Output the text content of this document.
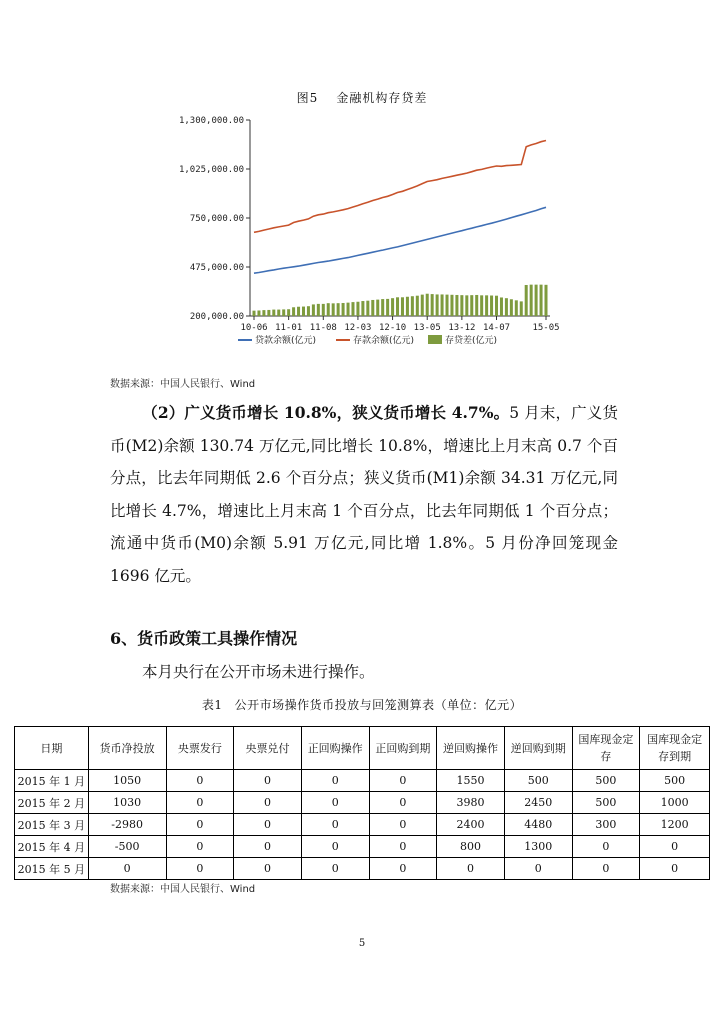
图5 金融机构存贷差
1,300,000.00
1,025,000.00
750,000.00
475,000.00
200,000.00
10-06 11-01 11-08 12-03 12-10 13-05 13-12 14-07 15-05
贷款余额(亿元)	存款余额(亿元)	存贷差(亿元)
数据来源：中国人民银行、Wind
（2）广义货币增长 10.8%，狭义货币增长 4.7%。5 月末，广义货币(M2)余额 130.74 万亿元,同比增长 10.8%，增速比上月末高 0.7 个百分点，比去年同期低 2.6 个百分点；狭义货币(M1)余额 34.31 万亿元,同比增长 4.7%，增速比上月末高 1 个百分点，比去年同期低 1 个百分点；流通中货币(M0)余额 5.91 万亿元,同比增 1.8%。5 月份净回笼现金 1696 亿元。
6、货币政策工具操作情况
本月央行在公开市场未进行操作。
表1 公开市场操作货币投放与回笼测算表（单位：亿元）
日期	货币净投放	央票发行	央票兑付	正回购操作	正回购到期	逆回购操作	逆回购到期	国库现金定存	国库现金定存到期
2015 年 1 月	1050	0	0	0	0	1550	500	500	500
2015 年 2 月	1030	0	0	0	0	3980	2450	500	1000
2015 年 3 月	-2980	0	0	0	0	2400	4480	300	1200
2015 年 4 月	-500	0	0	0	0	800	1300	0	0
2015 年 5 月	0	0	0	0	0	0	0	0	0
数据来源：中国人民银行、Wind
5
